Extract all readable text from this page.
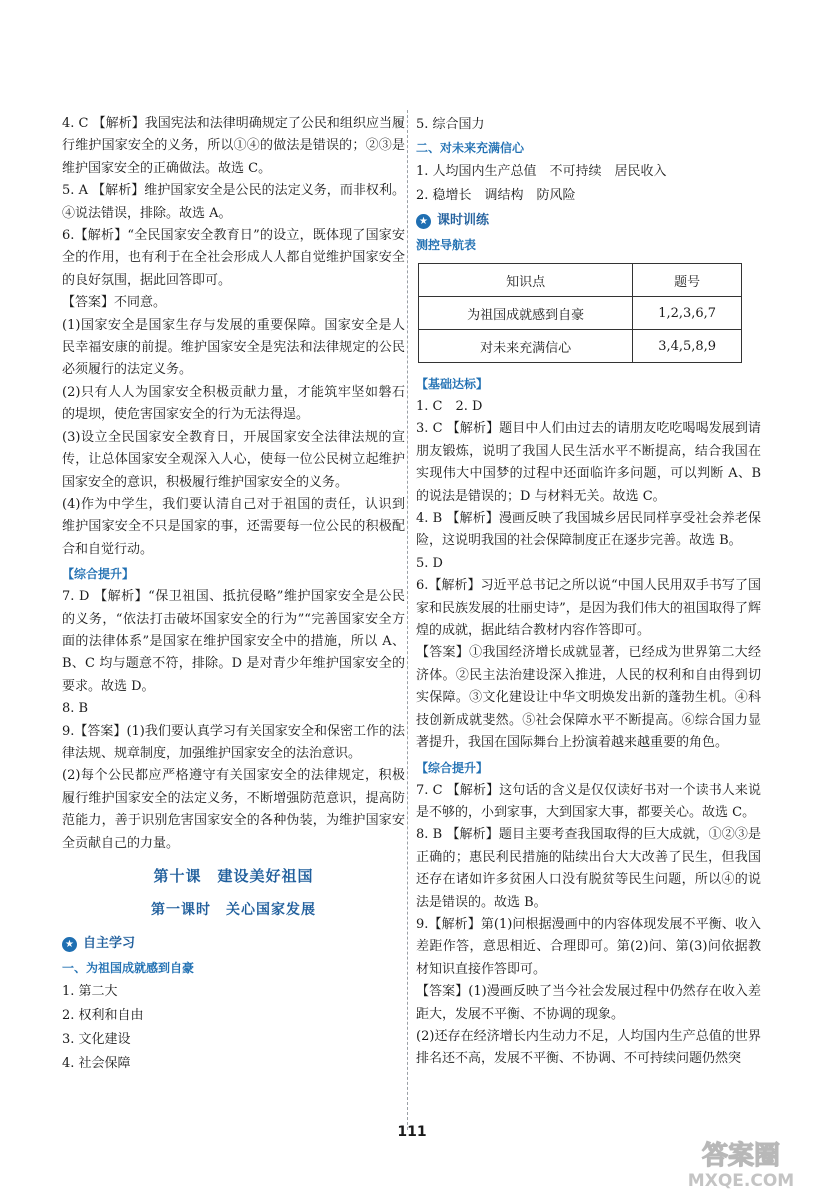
4. C 【解析】我国宪法和法律明确规定了公民和组织应当履行维护国家安全的义务，所以①④的做法是错误的；②③是维护国家安全的正确做法。故选 C。

5. A 【解析】维护国家安全是公民的法定义务，而非权利。④说法错误，排除。故选 A。

6.【解析】“全民国家安全教育日”的设立，既体现了国家安全的作用，也有利于在全社会形成人人都自觉维护国家安全的良好氛围，据此回答即可。

【答案】不同意。

(1)国家安全是国家生存与发展的重要保障。国家安全是人民幸福安康的前提。维护国家安全是宪法和法律规定的公民必须履行的法定义务。

(2)只有人人为国家安全积极贡献力量，才能筑牢坚如磐石的堤坝，使危害国家安全的行为无法得逞。

(3)设立全民国家安全教育日，开展国家安全法律法规的宣传，让总体国家安全观深入人心，使每一位公民树立起维护国家安全的意识，积极履行维护国家安全的义务。

(4)作为中学生，我们要认清自己对于祖国的责任，认识到维护国家安全不只是国家的事，还需要每一位公民的积极配合和自觉行动。

【综合提升】

7. D 【解析】“保卫祖国、抵抗侵略”维护国家安全是公民的义务，“依法打击破坏国家安全的行为”“完善国家安全方面的法律体系”是国家在维护国家安全中的措施，所以 A、B、C 均与题意不符，排除。D 是对青少年维护国家安全的要求。故选 D。

8. B

9.【答案】(1)我们要认真学习有关国家安全和保密工作的法律法规、规章制度，加强维护国家安全的法治意识。

(2)每个公民都应严格遵守有关国家安全的法律规定，积极履行维护国家安全的法定义务，不断增强防范意识，提高防范能力，善于识别危害国家安全的各种伪装，为维护国家安全贡献自己的力量。

第十课　建设美好祖国
第一课时　关心国家发展
★ 自主学习
一、为祖国成就感到自豪
1. 第二大
2. 权利和自由
3. 文化建设
4. 社会保障
5. 综合国力
二、对未来充满信心
1. 人均国内生产总值　不可持续　居民收入
2. 稳增长　调结构　防风险
★ 课时训练
测控导航表
知识点	题号
为祖国成就感到自豪	1,2,3,6,7
对未来充满信心	3,4,5,8,9
【基础达标】

1. C　2. D

3. C 【解析】题目中人们由过去的请朋友吃吃喝喝发展到请朋友锻炼，说明了我国人民生活水平不断提高，结合我国在实现伟大中国梦的过程中还面临许多问题，可以判断 A、B 的说法是错误的；D 与材料无关。故选 C。

4. B 【解析】漫画反映了我国城乡居民同样享受社会养老保险，这说明我国的社会保障制度正在逐步完善。故选 B。

5. D

6.【解析】习近平总书记之所以说“中国人民用双手书写了国家和民族发展的壮丽史诗”，是因为我们伟大的祖国取得了辉煌的成就，据此结合教材内容作答即可。

【答案】①我国经济增长成就显著，已经成为世界第二大经济体。②民主法治建设深入推进，人民的权利和自由得到切实保障。③文化建设让中华文明焕发出新的蓬勃生机。④科技创新成就斐然。⑤社会保障水平不断提高。⑥综合国力显著提升，我国在国际舞台上扮演着越来越重要的角色。

【综合提升】

7. C 【解析】这句话的含义是仅仅读好书对一个读书人来说是不够的，小到家事，大到国家大事，都要关心。故选 C。

8. B 【解析】题目主要考查我国取得的巨大成就，①②③是正确的；惠民利民措施的陆续出台大大改善了民生，但我国还存在诸如许多贫困人口没有脱贫等民生问题，所以④的说法是错误的。故选 B。

9.【解析】第(1)问根据漫画中的内容体现发展不平衡、收入差距作答，意思相近、合理即可。第(2)问、第(3)问依据教材知识直接作答即可。

【答案】(1)漫画反映了当今社会发展过程中仍然存在收入差距大，发展不平衡、不协调的现象。

(2)还存在经济增长内生动力不足，人均国内生产总值的世界排名还不高，发展不平衡、不协调、不可持续问题仍然突

111
答案圈
MXQE.COM
